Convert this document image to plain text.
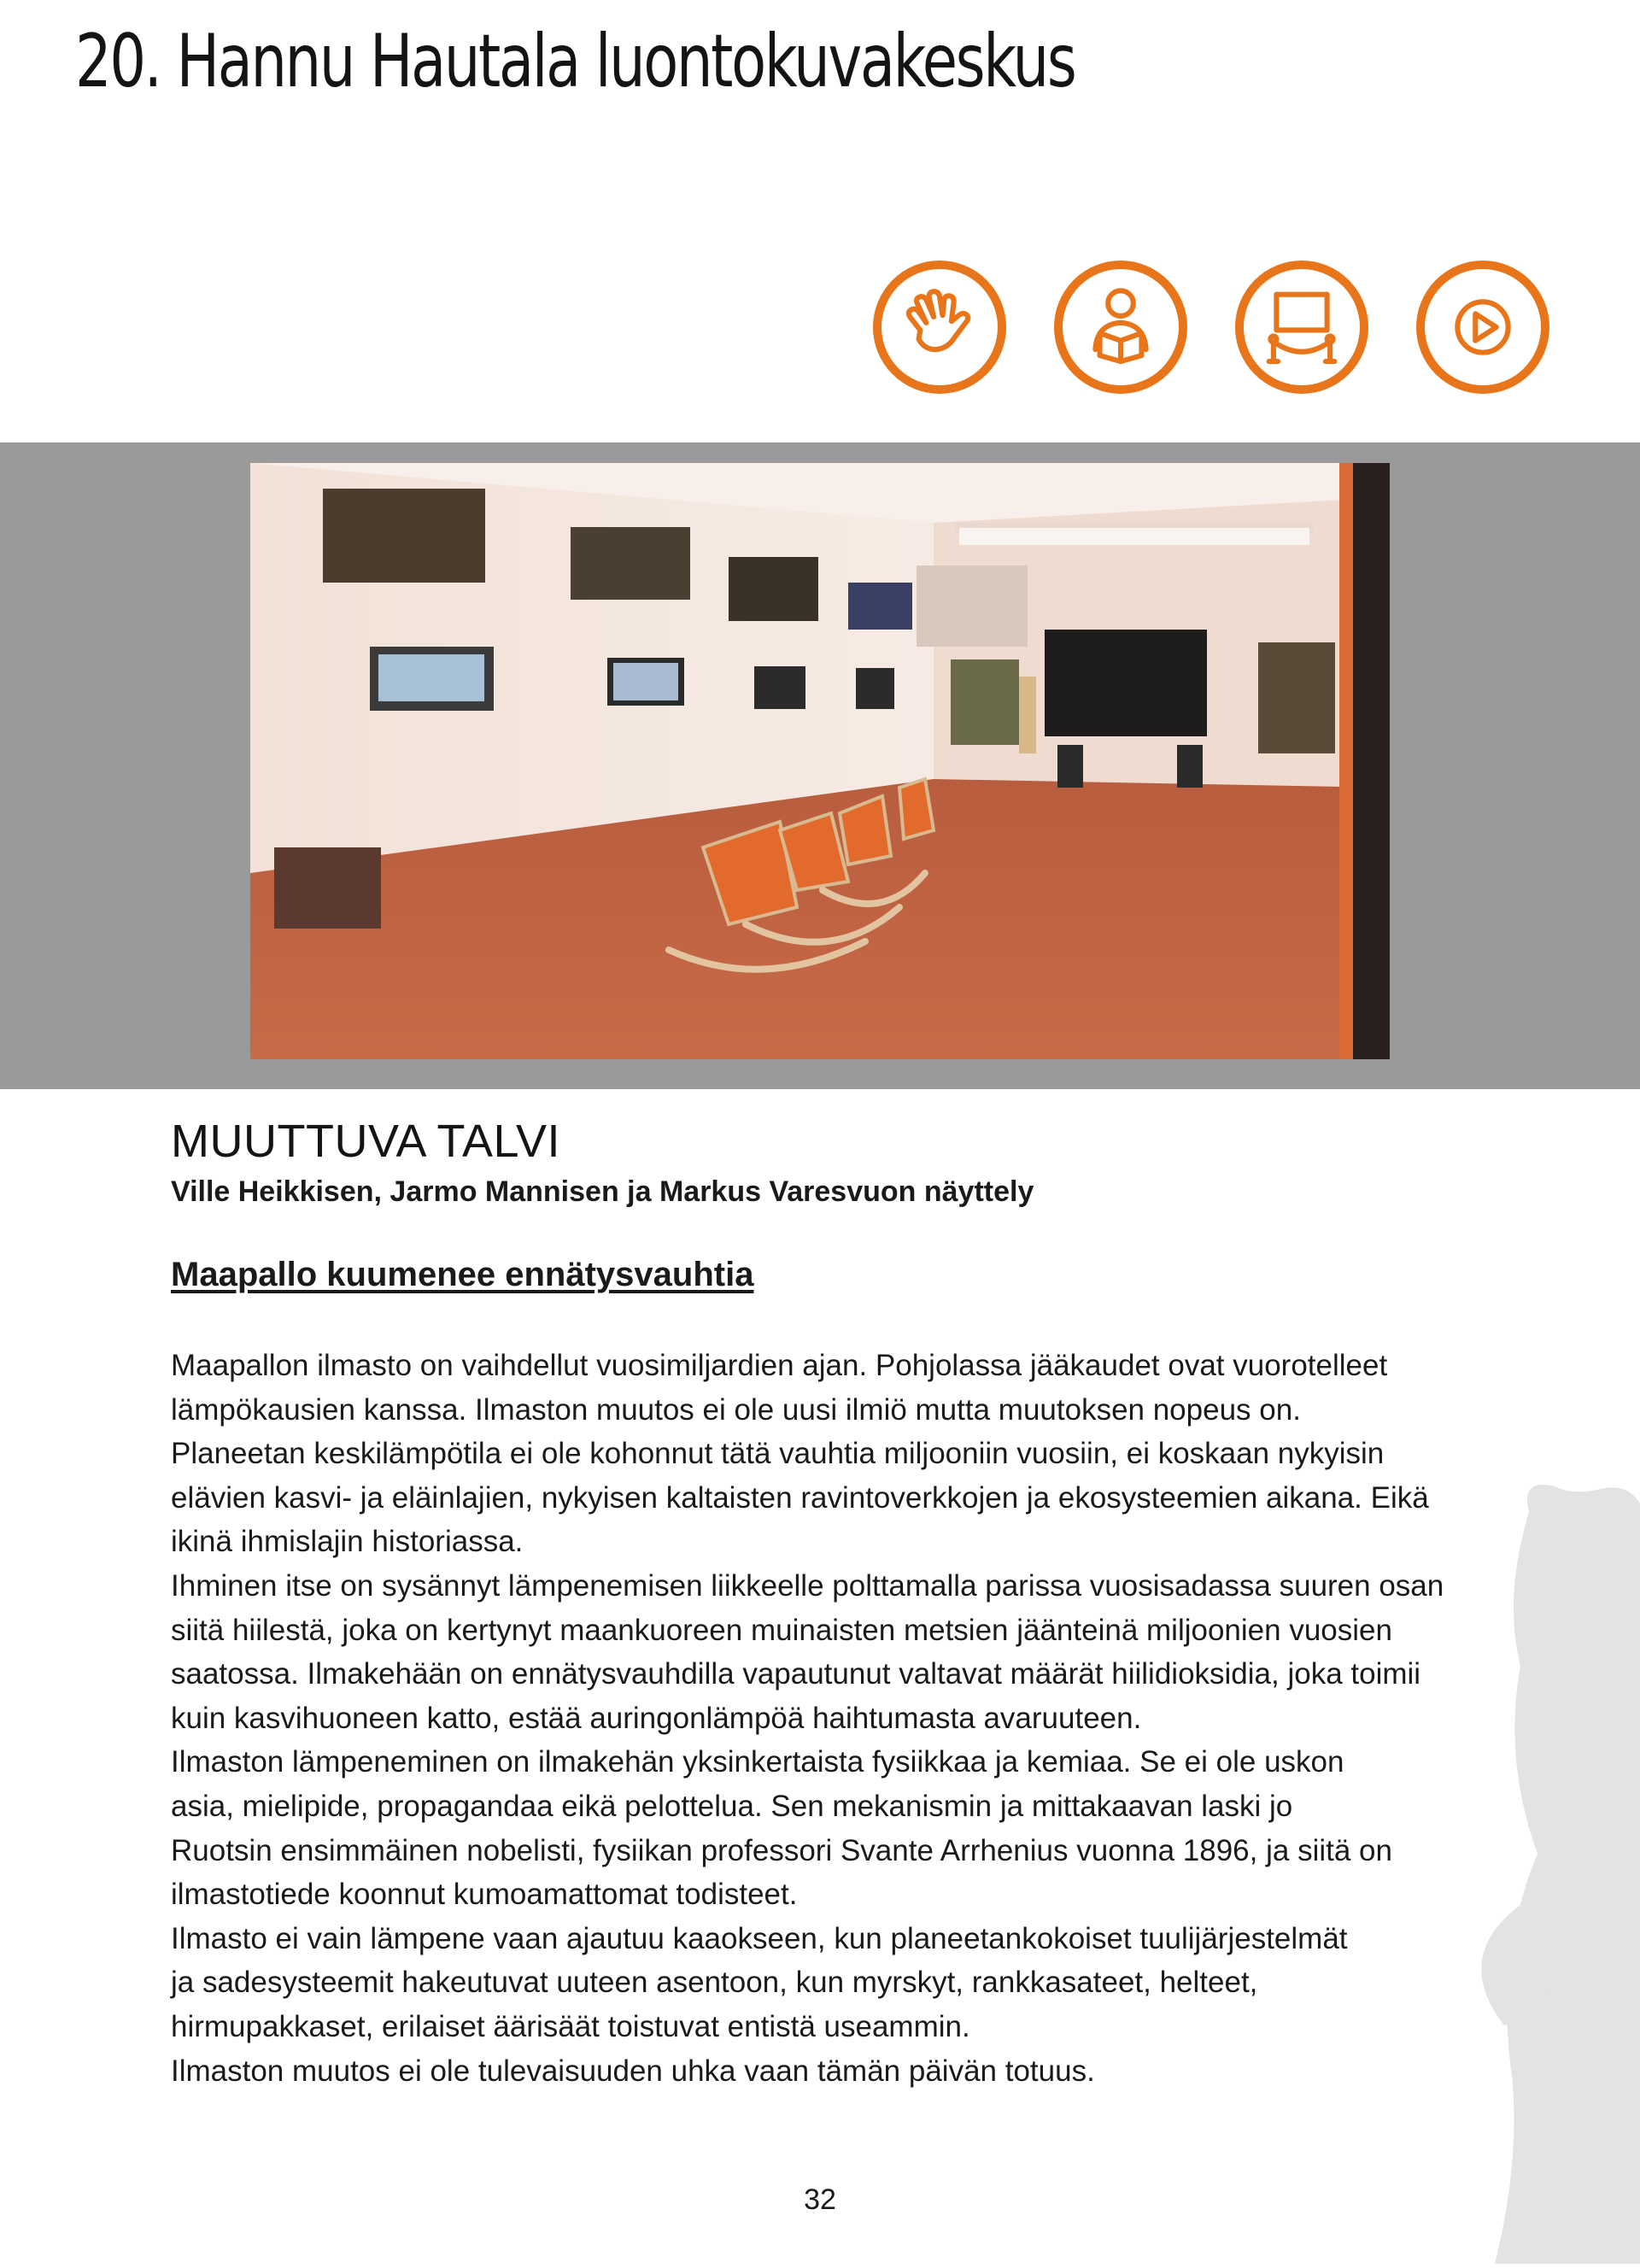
20. Hannu Hautala luontokuvakeskus
MUUTTUVA TALVI

Ville Heikkisen, Jarmo Mannisen ja Markus Varesvuon näyttely

Maapallo kuumenee ennätysvauhtia

Maapallon ilmasto on vaihdellut vuosimiljardien ajan. Pohjolassa jääkaudet ovat vuorotelleet

lämpökausien kanssa. Ilmaston muutos ei ole uusi ilmiö mutta muutoksen nopeus on.

Planeetan keskilämpötila ei ole kohonnut tätä vauhtia miljooniin vuosiin, ei koskaan nykyisin

elävien kasvi- ja eläinlajien, nykyisen kaltaisten ravintoverkkojen ja ekosysteemien aikana. Eikä

ikinä ihmislajin historiassa.

Ihminen itse on sysännyt lämpenemisen liikkeelle polttamalla parissa vuosisadassa suuren osan

siitä hiilestä, joka on kertynyt maankuoreen muinaisten metsien jäänteinä miljoonien vuosien

saatossa. Ilmakehään on ennätysvauhdilla vapautunut valtavat määrät hiilidioksidia, joka toimii

kuin kasvihuoneen katto, estää auringonlämpöä haihtumasta avaruuteen.

Ilmaston lämpeneminen on ilmakehän yksinkertaista fysiikkaa ja kemiaa. Se ei ole uskon

asia, mielipide, propagandaa eikä pelottelua. Sen mekanismin ja mittakaavan laski jo

Ruotsin ensimmäinen nobelisti, fysiikan professori Svante Arrhenius vuonna 1896, ja siitä on

ilmastotiede koonnut kumoamattomat todisteet.

Ilmasto ei vain lämpene vaan ajautuu kaaokseen, kun planeetankokoiset tuulijärjestelmät

ja sadesysteemit hakeutuvat uuteen asentoon, kun myrskyt, rankkasateet, helteet,

hirmupakkaset, erilaiset äärisäät toistuvat entistä useammin.

Ilmaston muutos ei ole tulevaisuuden uhka vaan tämän päivän totuus.

32
